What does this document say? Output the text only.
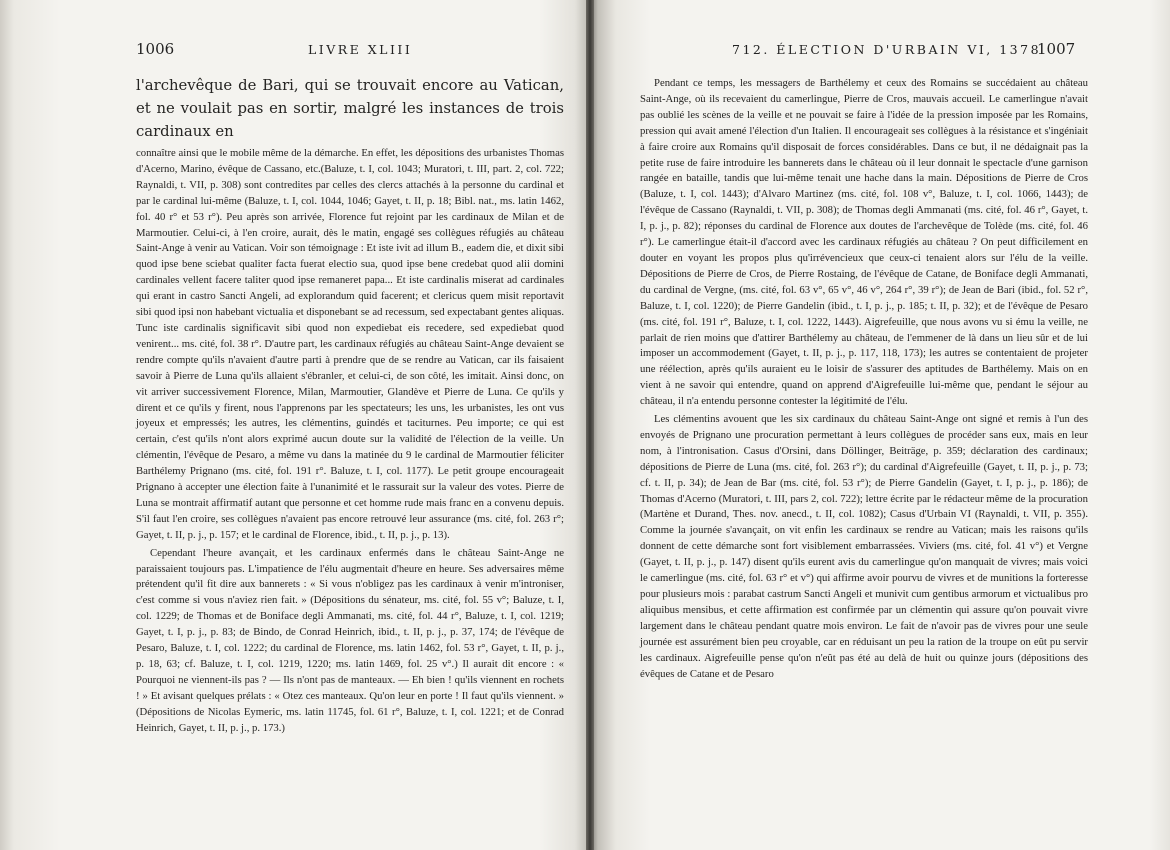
1006	LIVRE XLIII

l'archevêque de Bari, qui se trouvait encore au Vatican, et ne voulait pas en sortir, malgré les instances de trois cardinaux en

connaître ainsi que le mobile même de la démarche. En effet, les dépositions des urbanistes Thomas d'Acerno, Marino, évêque de Cassano, etc.(Baluze, t. I, col. 1043; Muratori, t. III, part. 2, col. 722; Raynaldi, t. VII, p. 308) sont contredites par celles des clercs attachés à la personne du cardinal et par le cardinal lui-même (Baluze, t. I, col. 1044, 1046; Gayet, t. II, p. 18; Bibl. nat., ms. latin 1462, fol. 40 r° et 53 r°). Peu après son arrivée, Florence fut rejoint par les cardinaux de Milan et de Marmoutier. Celui-ci, à l'en croire, aurait, dès le matin, engagé ses collègues réfugiés au château Saint-Ange à venir au Vatican. Voir son témoignage : Et iste ivit ad illum B., eadem die, et dixit sibi quod ipse bene sciebat qualiter facta fuerat electio sua, quod ipse bene credebat quod alii domini cardinales vellent facere taliter quod ipse remaneret papa... Et iste cardinalis miserat ad cardinales qui erant in castro Sancti Angeli, ad explorandum quid facerent; et clericus quem misit reportavit sibi quod ipsi non habebant victualia et disponebant se ad recessum, sed expectabant gentes aliquas. Tunc iste cardinalis significavit sibi quod non expediebat eis recedere, sed expediebat quod venirent... ms. cité, fol. 38 r°. D'autre part, les cardinaux réfugiés au château Saint-Ange devaient se rendre compte qu'ils n'avaient d'autre parti à prendre que de se rendre au Vatican, car ils faisaient savoir à Pierre de Luna qu'ils allaient s'ébranler, et celui-ci, de son côté, les imitait. Ainsi donc, on vit arriver successivement Florence, Milan, Marmoutier, Glandève et Pierre de Luna. Ce qu'ils y dirent et ce qu'ils y firent, nous l'apprenons par les spectateurs; les uns, les urbanistes, les ont vus joyeux et empressés; les autres, les clémentins, guindés et taciturnes. Peu importe; ce qui est certain, c'est qu'ils n'ont alors exprimé aucun doute sur la validité de l'élection de la veille. Un clémentin, l'évêque de Pesaro, a même vu dans la matinée du 9 le cardinal de Marmoutier féliciter Barthélemy Prignano (ms. cité, fol. 191 r°. Baluze, t. I, col. 1177). Le petit groupe encourageait Prignano à accepter une élection faite à l'unanimité et le rassurait sur la valeur des votes. Pierre de Luna se montrait affirmatif autant que personne et cet homme rude mais franc en a convenu depuis. S'il faut l'en croire, ses collègues n'avaient pas encore retrouvé leur assurance (ms. cité, fol. 263 r°; Gayet, t. II, p. j., p. 157; et le cardinal de Florence, ibid., t. II, p. j., p. 13).

Cependant l'heure avançait, et les cardinaux enfermés dans le château Saint-Ange ne paraissaient toujours pas. L'impatience de l'élu augmentait d'heure en heure. Ses adversaires même prétendent qu'il fit dire aux bannerets : « Si vous n'obligez pas les cardinaux à venir m'introniser, c'est comme si vous n'aviez rien fait. » (Dépositions du sénateur, ms. cité, fol. 55 v°; Baluze, t. I, col. 1229; de Thomas et de Boniface degli Ammanati, ms. cité, fol. 44 r°, Baluze, t. I, col. 1219; Gayet, t. I, p. j., p. 83; de Bindo, de Conrad Heinrich, ibid., t. II, p. j., p. 37, 174; de l'évêque de Pesaro, Baluze, t. I, col. 1222; du cardinal de Florence, ms. latin 1462, fol. 53 r°, Gayet, t. II, p. j., p. 18, 63; cf. Baluze, t. I, col. 1219, 1220; ms. latin 1469, fol. 25 v°.) Il aurait dit encore : « Pourquoi ne viennent-ils pas ? — Ils n'ont pas de manteaux. — Eh bien ! qu'ils viennent en rochets ! » Et avisant quelques prélats : « Otez ces manteaux. Qu'on leur en porte ! Il faut qu'ils viennent. » (Dépositions de Nicolas Eymeric, ms. latin 11745, fol. 61 r°, Baluze, t. I, col. 1221; et de Conrad Heinrich, Gayet, t. II, p. j., p. 173.)

712. ÉLECTION D'URBAIN VI, 1378
1007

Pendant ce temps, les messagers de Barthélemy et ceux des Romains se succédaient au château Saint-Ange, où ils recevaient du camerlingue, Pierre de Cros, mauvais accueil. Le camerlingue n'avait pas oublié les scènes de la veille et ne pouvait se faire à l'idée de la pression imposée par les Romains, pression qui avait amené l'élection d'un Italien. Il encourageait ses collègues à la résistance et s'ingéniait à faire croire aux Romains qu'il disposait de forces considérables. Dans ce but, il ne dédaignait pas la petite ruse de faire introduire les bannerets dans le château où il leur donnait le spectacle d'une garnison rangée en bataille, tandis que lui-même tenait une hache dans la main. Dépositions de Pierre de Cros (Baluze, t. I, col. 1443); d'Alvaro Martinez (ms. cité, fol. 108 v°, Baluze, t. I, col. 1066, 1443); de l'évêque de Cassano (Raynaldi, t. VII, p. 308); de Thomas degli Ammanati (ms. cité, fol. 46 r°, Gayet, t. I, p. j., p. 82); réponses du cardinal de Florence aux doutes de l'archevêque de Tolède (ms. cité, fol. 46 r°). Le camerlingue était-il d'accord avec les cardinaux réfugiés au château ? On peut difficilement en douter en voyant les propos plus qu'irrévencieux que ceux-ci tenaient alors sur l'élu de la veille. Dépositions de Pierre de Cros, de Pierre Rostaing, de l'évêque de Catane, de Boniface degli Ammanati, du cardinal de Vergne, (ms. cité, fol. 63 v°, 65 v°, 46 v°, 264 r°, 39 r°); de Jean de Bari (ibid., fol. 52 r°, Baluze, t. I, col. 1220); de Pierre Gandelin (ibid., t. I, p. j., p. 185; t. II, p. 32); et de l'évêque de Pesaro (ms. cité, fol. 191 r°, Baluze, t. I, col. 1222, 1443). Aigrefeuille, que nous avons vu si ému la veille, ne parlait de rien moins que d'attirer Barthélemy au château, de l'emmener de là dans un lieu sûr et de lui imposer un accommodement (Gayet, t. II, p. j., p. 117, 118, 173); les autres se contentaient de projeter une réélection, après qu'ils auraient eu le loisir de s'assurer des aptitudes de Barthélemy. Mais on en vient à ne savoir qui entendre, quand on apprend d'Aigrefeuille lui-même que, pendant le séjour au château, il n'a entendu personne contester la légitimité de l'élu.

Les clémentins avouent que les six cardinaux du château Saint-Ange ont signé et remis à l'un des envoyés de Prignano une procuration permettant à leurs collègues de procéder sans eux, mais en leur nom, à l'intronisation. Casus d'Orsini, dans Döllinger, Beiträge, p. 359; déclaration des cardinaux; dépositions de Pierre de Luna (ms. cité, fol. 263 r°); du cardinal d'Aigrefeuille (Gayet, t. II, p. j., p. 73; cf. t. II, p. 34); de Jean de Bar (ms. cité, fol. 53 r°); de Pierre Gandelin (Gayet, t. I, p. j., p. 186); de Thomas d'Acerno (Muratori, t. III, pars 2, col. 722); lettre écrite par le rédacteur même de la procuration (Martène et Durand, Thes. nov. anecd., t. II, col. 1082); Casus d'Urbain VI (Raynaldi, t. VII, p. 355). Comme la journée s'avançait, on vit enfin les cardinaux se rendre au Vatican; mais les raisons qu'ils donnent de cette démarche sont fort visiblement embarrassées. Viviers (ms. cité, fol. 41 v°) et Vergne (Gayet, t. II, p. j., p. 147) disent qu'ils eurent avis du camerlingue qu'on manquait de vivres; mais voici le camerlingue (ms. cité, fol. 63 r° et v°) qui affirme avoir pourvu de vivres et de munitions la forteresse pour plusieurs mois : parabat castrum Sancti Angeli et munivit cum gentibus armorum et victualibus pro aliquibus mensibus, et cette affirmation est confirmée par un clémentin qui assure qu'on pouvait vivre largement dans le château pendant quatre mois environ. Le fait de n'avoir pas de vivres pour une seule journée est assurément bien peu croyable, car en réduisant un peu la ration de la troupe on eût pu servir les cardinaux. Aigrefeuille pense qu'on n'eût pas été au delà de huit ou quinze jours (dépositions des évêques de Catane et de Pesaro
